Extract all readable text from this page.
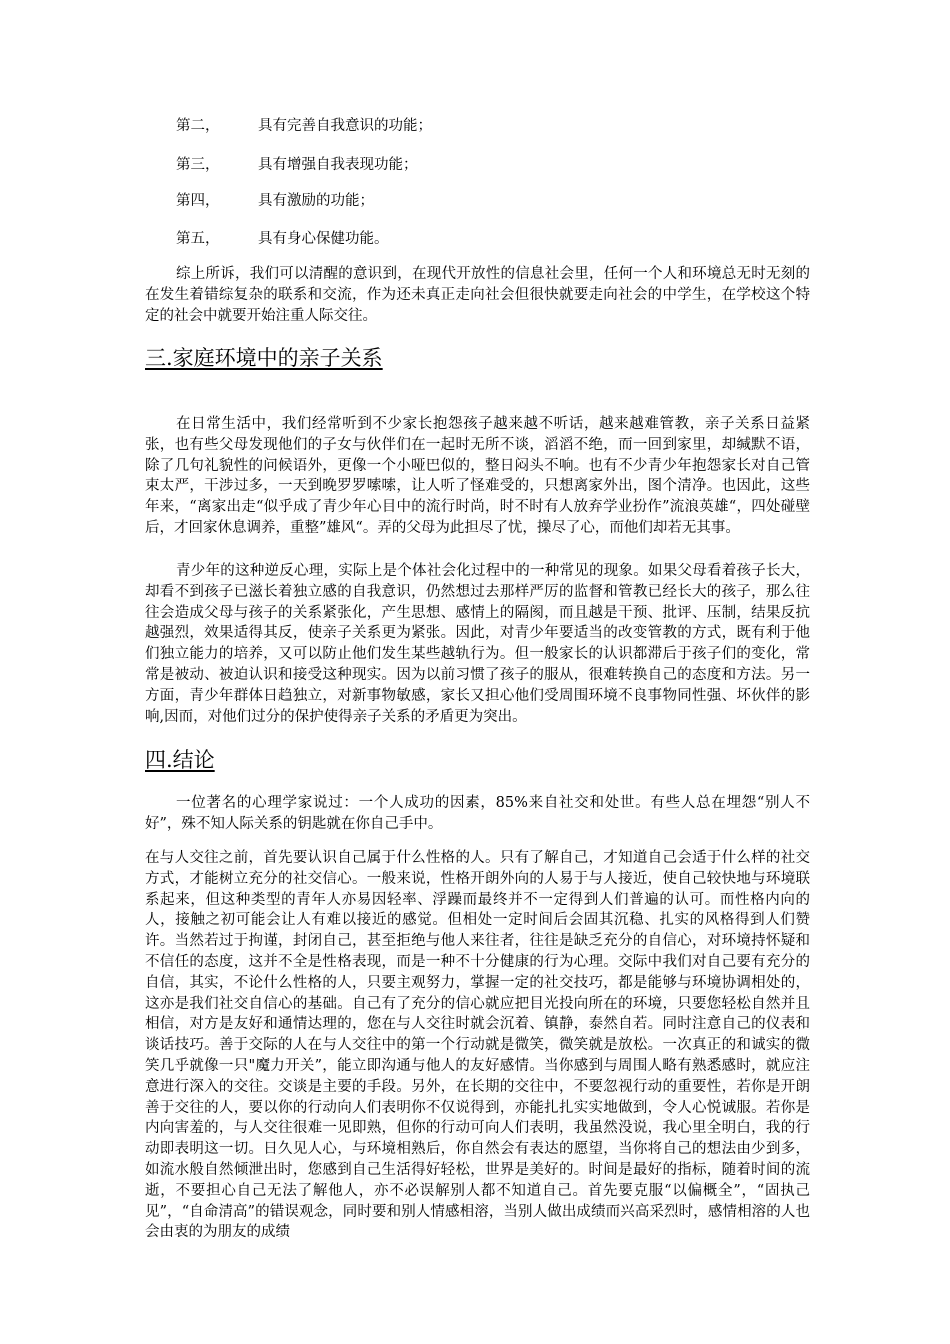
第二，	具有完善自我意识的功能；
第三，	具有增强自我表现功能；
第四，	具有激励的功能；
第五，	具有身心保健功能。

综上所诉，我们可以清醒的意识到，在现代开放性的信息社会里，任何一个人和环境总无时无刻的在发生着错综复杂的联系和交流，作为还未真正走向社会但很快就要走向社会的中学生，在学校这个特定的社会中就要开始注重人际交往。

三.家庭环境中的亲子关系

在日常生活中，我们经常听到不少家长抱怨孩子越来越不听话，越来越难管教，亲子关系日益紧张，也有些父母发现他们的子女与伙伴们在一起时无所不谈，滔滔不绝，而一回到家里，却缄默不语，除了几句礼貌性的问候语外，更像一个小哑巴似的，整日闷头不响。也有不少青少年抱怨家长对自己管束太严，干涉过多，一天到晚罗罗嗦嗦，让人听了怪难受的，只想离家外出，图个清净。也因此，这些年来，“离家出走“似乎成了青少年心目中的流行时尚，时不时有人放弃学业扮作”流浪英雄“，四处碰壁后，才回家休息调养，重整”雄风“。弄的父母为此担尽了忧，操尽了心，而他们却若无其事。

青少年的这种逆反心理，实际上是个体社会化过程中的一种常见的现象。如果父母看着孩子长大，却看不到孩子已滋长着独立感的自我意识，仍然想过去那样严厉的监督和管教已经长大的孩子，那么往往会造成父母与孩子的关系紧张化，产生思想、感情上的隔阂，而且越是干预、批评、压制，结果反抗越强烈，效果适得其反，使亲子关系更为紧张。因此，对青少年要适当的改变管教的方式，既有利于他们独立能力的培养，又可以防止他们发生某些越轨行为。但一般家长的认识都滞后于孩子们的变化，常常是被动、被迫认识和接受这种现实。因为以前习惯了孩子的服从，很难转换自己的态度和方法。另一方面，青少年群体日趋独立，对新事物敏感，家长又担心他们受周围环境不良事物同性强、坏伙伴的影响,因而，对他们过分的保护使得亲子关系的矛盾更为突出。

四.结论

一位著名的心理学家说过：一个人成功的因素，85%来自社交和处世。有些人总在埋怨“别人不好”，殊不知人际关系的钥匙就在你自己手中。

在与人交往之前，首先要认识自己属于什么性格的人。只有了解自己，才知道自己会适于什么样的社交方式，才能树立充分的社交信心。一般来说，性格开朗外向的人易于与人接近，使自己较快地与环境联系起来，但这种类型的青年人亦易因轻率、浮躁而最终并不一定得到人们普遍的认可。而性格内向的人，接触之初可能会让人有难以接近的感觉。但相处一定时间后会固其沉稳、扎实的风格得到人们赞许。当然若过于拘谨，封闭自己，甚至拒绝与他人来往者，往往是缺乏充分的自信心，对环境持怀疑和不信任的态度，这并不全是性格表现，而是一种不十分健康的行为心理。交际中我们对自己要有充分的自信，其实，不论什么性格的人，只要主观努力，掌握一定的社交技巧，都是能够与环境协调相处的，这亦是我们社交自信心的基础。自己有了充分的信心就应把目光投向所在的环境，只要您轻松自然并且相信，对方是友好和通情达理的，您在与人交往时就会沉着、镇静，泰然自若。同时注意自己的仪表和谈话技巧。善于交际的人在与人交往中的第一个行动就是微笑，微笑就是放松。一次真正的和诚实的微笑几乎就像一只"魔力开关”，能立即沟通与他人的友好感情。当你感到与周围人略有熟悉感时，就应注意进行深入的交往。交谈是主要的手段。另外，在长期的交往中，不要忽视行动的重要性，若你是开朗善于交往的人，要以你的行动向人们表明你不仅说得到，亦能扎扎实实地做到，令人心悦诚服。若你是内向害羞的，与人交往很难一见即熟，但你的行动可向人们表明，我虽然没说，我心里全明白，我的行动即表明这一切。日久见人心，与环境相熟后，你自然会有表达的愿望，当你将自己的想法由少到多，如流水般自然倾泄出时，您感到自己生活得好轻松，世界是美好的。时间是最好的指标，随着时间的流逝，不要担心自己无法了解他人，亦不必误解别人都不知道自己。首先要克服“以偏概全”，“固执己见”，“自命清高”的错误观念，同时要和别人情感相溶，当别人做出成绩而兴高采烈时，感情相溶的人也会由衷的为朋友的成绩
